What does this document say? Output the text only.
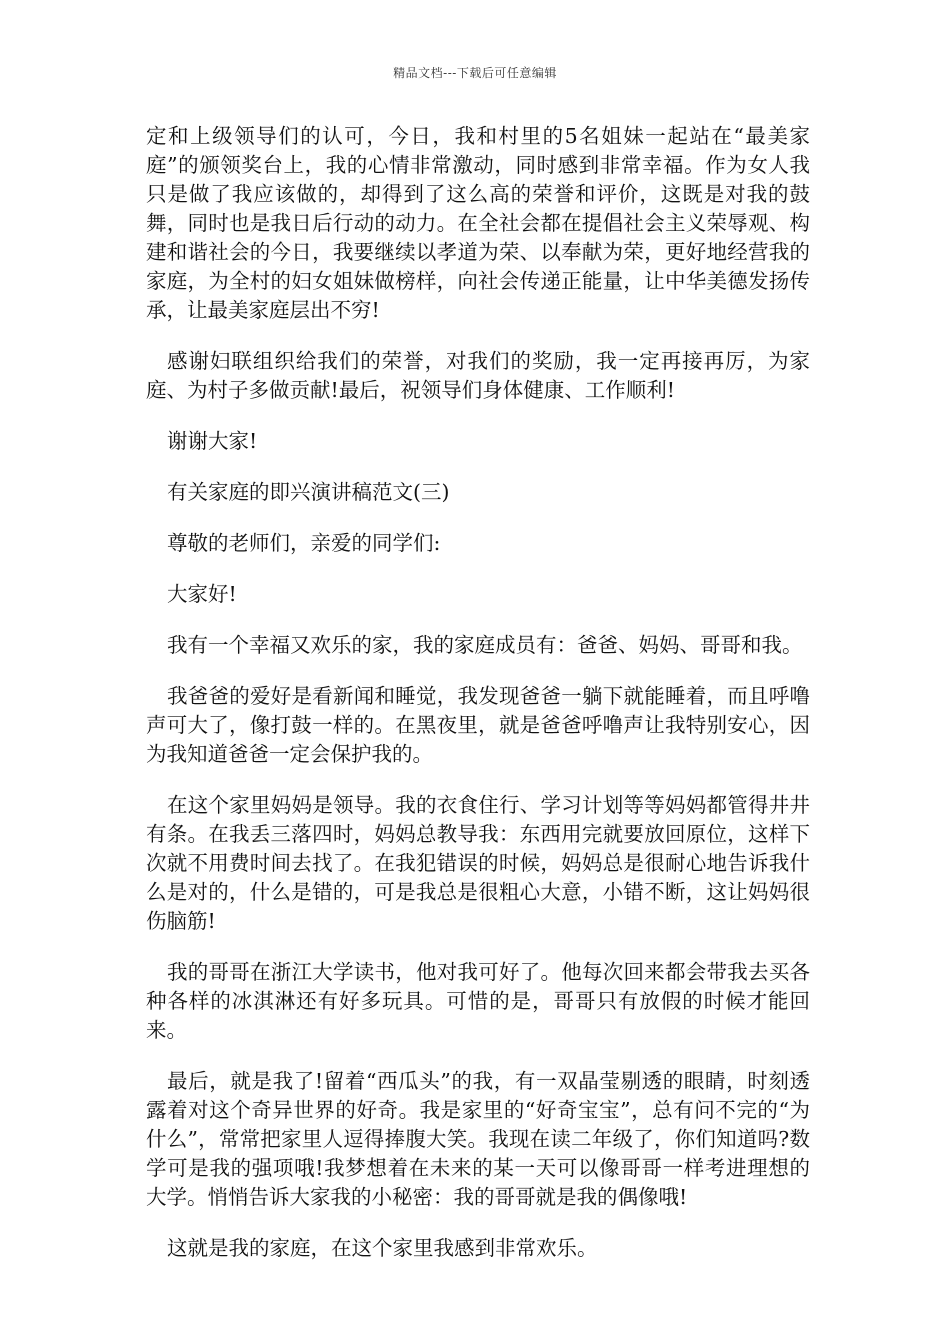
精品文档---下载后可任意编辑

定和上级领导们的认可，今日，我和村里的5名姐妹一起站在“最美家庭”的颁领奖台上，我的心情非常激动，同时感到非常幸福。作为女人我只是做了我应该做的，却得到了这么高的荣誉和评价，这既是对我的鼓舞，同时也是我日后行动的动力。在全社会都在提倡社会主义荣辱观、构建和谐社会的今日，我要继续以孝道为荣、以奉献为荣，更好地经营我的家庭，为全村的妇女姐妹做榜样，向社会传递正能量，让中华美德发扬传承，让最美家庭层出不穷!

感谢妇联组织给我们的荣誉，对我们的奖励，我一定再接再厉，为家庭、为村子多做贡献!最后，祝领导们身体健康、工作顺利!

谢谢大家!

有关家庭的即兴演讲稿范文(三)

尊敬的老师们，亲爱的同学们:

大家好!

我有一个幸福又欢乐的家，我的家庭成员有：爸爸、妈妈、哥哥和我。

我爸爸的爱好是看新闻和睡觉，我发现爸爸一躺下就能睡着，而且呼噜声可大了，像打鼓一样的。在黑夜里，就是爸爸呼噜声让我特别安心，因为我知道爸爸一定会保护我的。

在这个家里妈妈是领导。我的衣食住行、学习计划等等妈妈都管得井井有条。在我丢三落四时，妈妈总教导我：东西用完就要放回原位，这样下次就不用费时间去找了。在我犯错误的时候，妈妈总是很耐心地告诉我什么是对的，什么是错的，可是我总是很粗心大意，小错不断，这让妈妈很伤脑筋!

我的哥哥在浙江大学读书，他对我可好了。他每次回来都会带我去买各种各样的冰淇淋还有好多玩具。可惜的是，哥哥只有放假的时候才能回来。

最后，就是我了!留着“西瓜头”的我，有一双晶莹剔透的眼睛，时刻透露着对这个奇异世界的好奇。我是家里的“好奇宝宝”，总有问不完的“为什么”，常常把家里人逗得捧腹大笑。我现在读二年级了，你们知道吗?数学可是我的强项哦!我梦想着在未来的某一天可以像哥哥一样考进理想的大学。悄悄告诉大家我的小秘密：我的哥哥就是我的偶像哦!

这就是我的家庭，在这个家里我感到非常欢乐。
